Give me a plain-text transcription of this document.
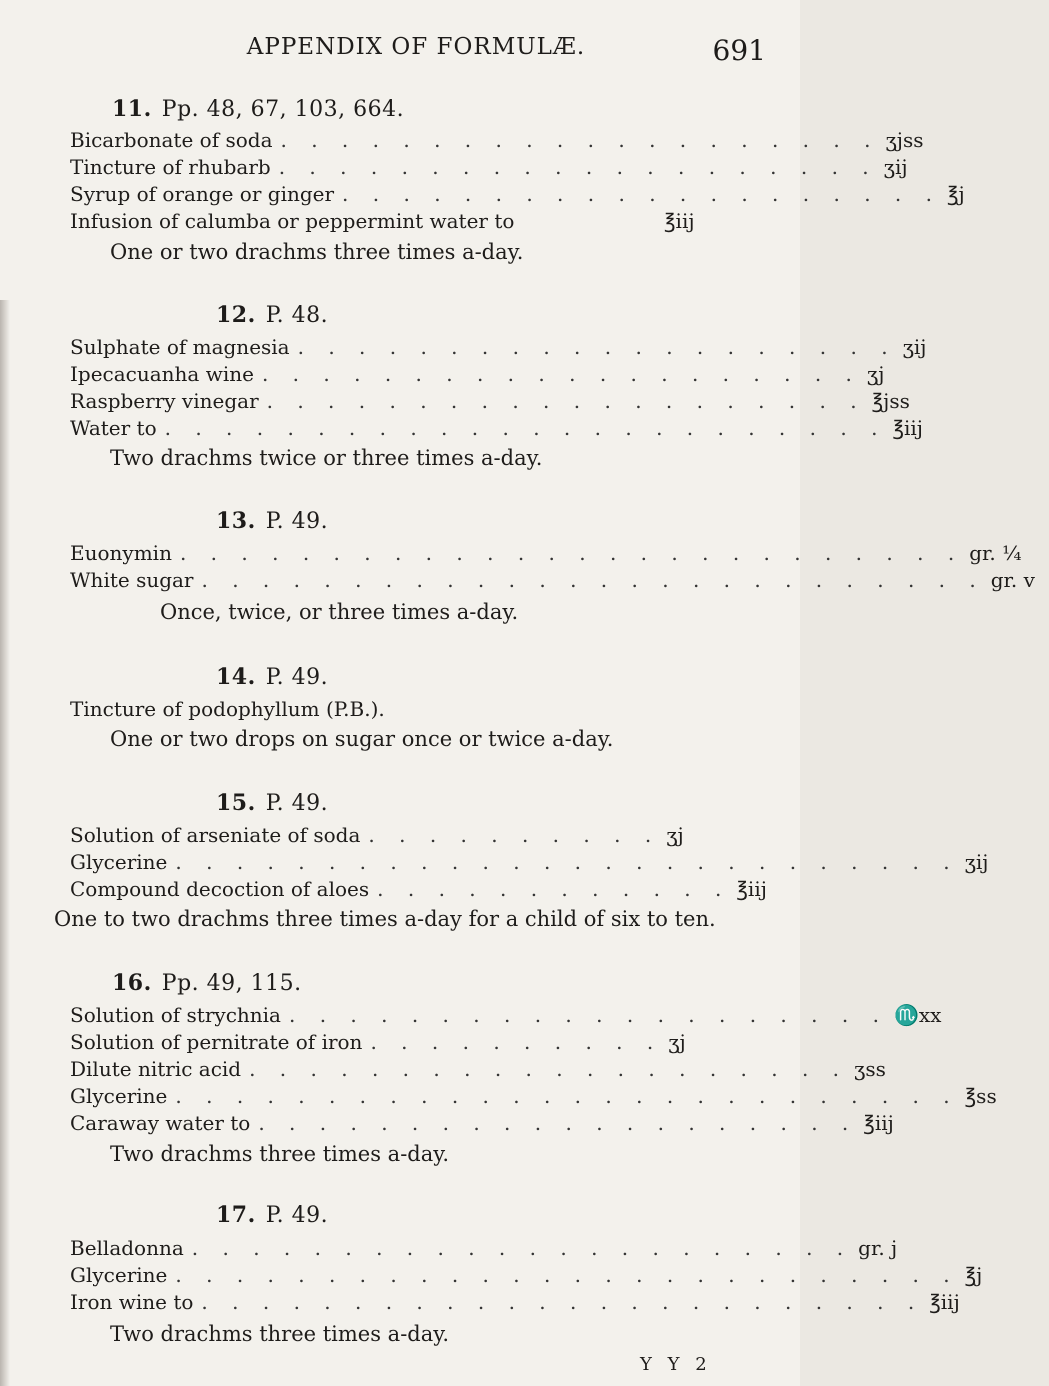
APPENDIX OF FORMULÆ.	691
11. Pp. 48, 67, 103, 664.
Bicarbonate of soda . . . . . . . . . . . . . . . . . . . . ʒjss
Tincture of rhubarb . . . . . . . . . . . . . . . . . . . . ʒij
Syrup of orange or ginger . . . . . . . . . . . . . . . . . . . . ℥j
Infusion of calumba or peppermint water to	℥iij
One or two drachms three times a-day.
12. P. 48.
Sulphate of magnesia . . . . . . . . . . . . . . . . . . . . ʒij
Ipecacuanha wine . . . . . . . . . . . . . . . . . . . . ʒj
Raspberry vinegar . . . . . . . . . . . . . . . . . . . . ℥jss
Water to . . . . . . . . . . . . . . . . . . . . . . . . ℥iij
Two drachms twice or three times a-day.
13. P. 49.
Euonymin . . . . . . . . . . . . . . . . . . . . . . . . . . gr. ¼
White sugar . . . . . . . . . . . . . . . . . . . . . . . . . . gr. v
Once, twice, or three times a-day.
14. P. 49.
Tincture of podophyllum (P.B.).
One or two drops on sugar once or twice a-day.
15. P. 49.
Solution of arseniate of soda . . . . . . . . . . ʒj
Glycerine . . . . . . . . . . . . . . . . . . . . . . . . . . ʒij
Compound decoction of aloes . . . . . . . . . . . . ℥iij
One to two drachms three times a-day for a child of six to ten.
16. Pp. 49, 115.
Solution of strychnia . . . . . . . . . . . . . . . . . . . . ♏xx
Solution of pernitrate of iron . . . . . . . . . . ʒj
Dilute nitric acid . . . . . . . . . . . . . . . . . . . . ʒss
Glycerine . . . . . . . . . . . . . . . . . . . . . . . . . . ℥ss
Caraway water to . . . . . . . . . . . . . . . . . . . . ℥iij
Two drachms three times a-day.
17. P. 49.
Belladonna . . . . . . . . . . . . . . . . . . . . . . gr. j
Glycerine . . . . . . . . . . . . . . . . . . . . . . . . . . ℥j
Iron wine to . . . . . . . . . . . . . . . . . . . . . . . . ℥iij
Two drachms three times a-day.
Y Y 2
